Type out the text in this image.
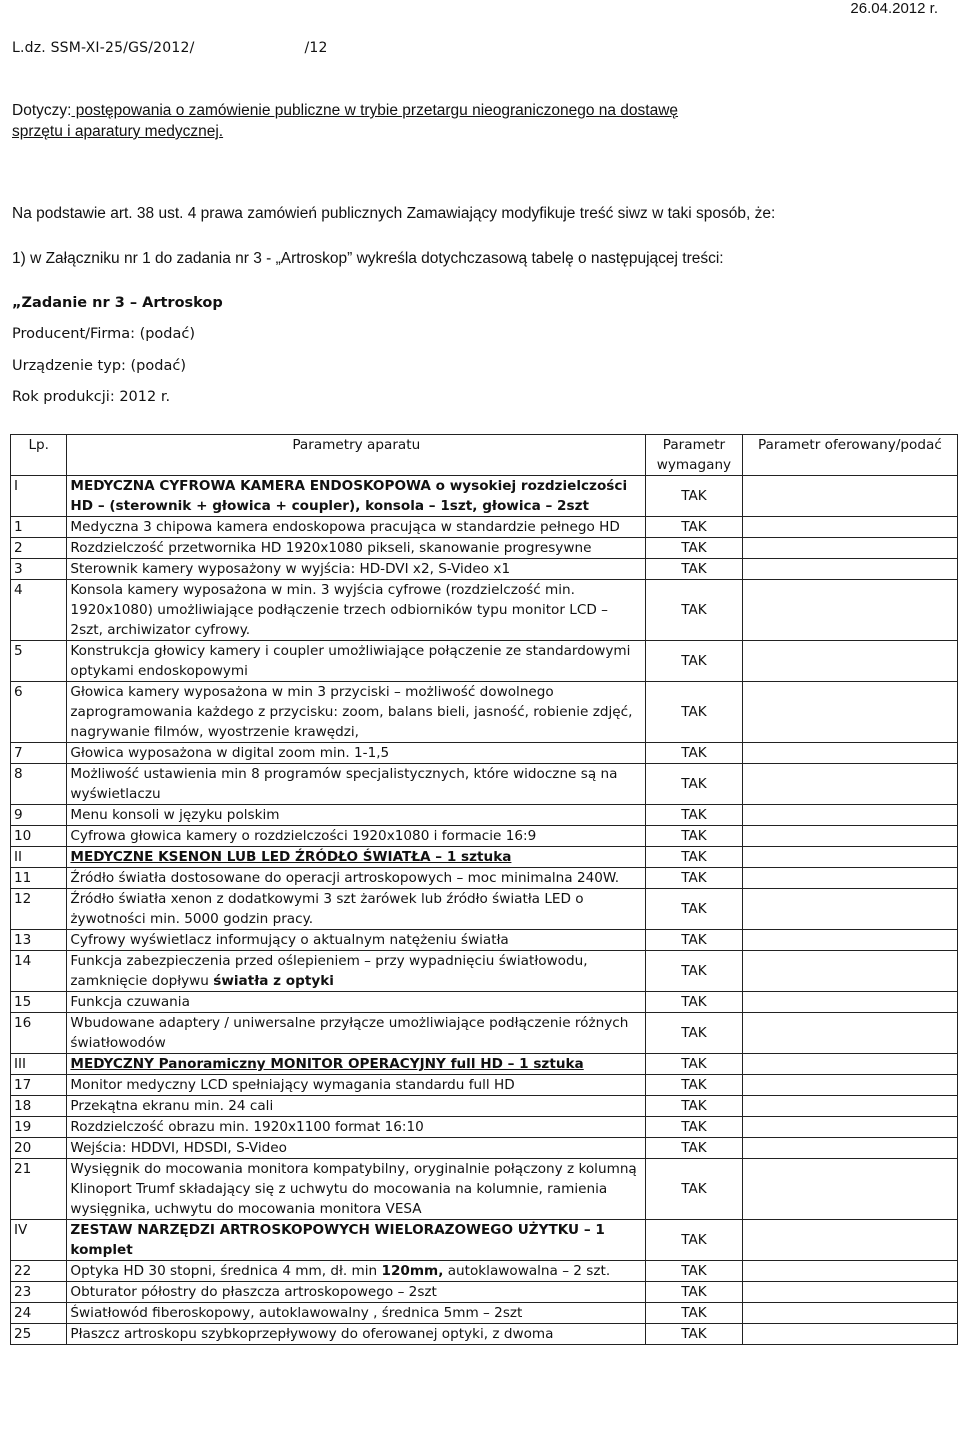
26.04.2012 r.
L.dz. SSM-XI-25/GS/2012/	/12
Dotyczy: postępowania o zamówienie publiczne w trybie przetargu nieograniczonego na dostawę
sprzętu i aparatury medycznej.
Na podstawie art. 38 ust. 4 prawa zamówień publicznych Zamawiający modyfikuje treść siwz w taki sposób, że:
1) w Załączniku nr 1 do zadania nr 3 - „Artroskop” wykreśla dotychczasową tabelę o następującej treści:
„Zadanie nr 3 – Artroskop
Producent/Firma: (podać)
Urządzenie typ: (podać)
Rok produkcji: 2012 r.
Lp.	Parametry aparatu	Parametr wymagany	Parametr oferowany/podać
I	MEDYCZNA CYFROWA KAMERA ENDOSKOPOWA o wysokiej rozdzielczości HD – (sterownik + głowica + coupler), konsola – 1szt, głowica – 2szt	TAK	
1	Medyczna 3 chipowa kamera endoskopowa pracująca w standardzie pełnego HD	TAK	
2	Rozdzielczość przetwornika HD 1920x1080 pikseli, skanowanie progresywne	TAK	
3	Sterownik kamery wyposażony w wyjścia: HD-DVI x2, S-Video x1	TAK	
4	Konsola kamery wyposażona w min. 3 wyjścia cyfrowe (rozdzielczość min. 1920x1080) umożliwiające podłączenie trzech odbiorników typu monitor LCD – 2szt, archiwizator cyfrowy.	TAK	
5	Konstrukcja głowicy kamery i coupler umożliwiające połączenie ze standardowymi optykami endoskopowymi	TAK	
6	Głowica kamery wyposażona w min 3 przyciski – możliwość dowolnego zaprogramowania każdego z przycisku: zoom, balans bieli, jasność, robienie zdjęć, nagrywanie filmów, wyostrzenie krawędzi,	TAK	
7	Głowica wyposażona w digital zoom min. 1-1,5	TAK	
8	Możliwość ustawienia min 8 programów specjalistycznych, które widoczne są na wyświetlaczu	TAK	
9	Menu konsoli w języku polskim	TAK	
10	Cyfrowa głowica kamery o rozdzielczości 1920x1080 i formacie 16:9	TAK	
II	MEDYCZNE KSENON LUB LED ŹRÓDŁO ŚWIATŁA – 1 sztuka	TAK	
11	Źródło światła dostosowane do operacji artroskopowych – moc minimalna 240W.	TAK	
12	Źródło światła xenon z dodatkowymi 3 szt żarówek lub źródło światła LED o żywotności min. 5000 godzin pracy.	TAK	
13	Cyfrowy wyświetlacz informujący o aktualnym natężeniu światła	TAK	
14	Funkcja zabezpieczenia przed oślepieniem – przy wypadnięciu światłowodu, zamknięcie dopływu światła z optyki	TAK	
15	Funkcja czuwania	TAK	
16	Wbudowane adaptery / uniwersalne przyłącze umożliwiające podłączenie różnych światłowodów	TAK	
III	MEDYCZNY Panoramiczny MONITOR OPERACYJNY full HD – 1 sztuka	TAK	
17	Monitor medyczny LCD spełniający wymagania standardu full HD	TAK	
18	Przekątna ekranu min. 24 cali	TAK	
19	Rozdzielczość obrazu min. 1920x1100 format 16:10	TAK	
20	Wejścia: HDDVI, HDSDI, S-Video	TAK	
21	Wysięgnik do mocowania monitora kompatybilny, oryginalnie połączony z kolumną Klinoport Trumf składający się z uchwytu do mocowania na kolumnie, ramienia wysięgnika, uchwytu do mocowania monitora VESA	TAK	
IV	ZESTAW NARZĘDZI ARTROSKOPOWYCH WIELORAZOWEGO UŻYTKU – 1 komplet	TAK	
22	Optyka HD 30 stopni, średnica 4 mm, dł. min 120mm, autoklawowalna – 2 szt.	TAK	
23	Obturator półostry do płaszcza artroskopowego – 2szt	TAK	
24	Światłowód fiberoskopowy, autoklawowalny , średnica 5mm – 2szt	TAK	
25	Płaszcz artroskopu szybkoprzepływowy do oferowanej optyki, z dwoma	TAK	
